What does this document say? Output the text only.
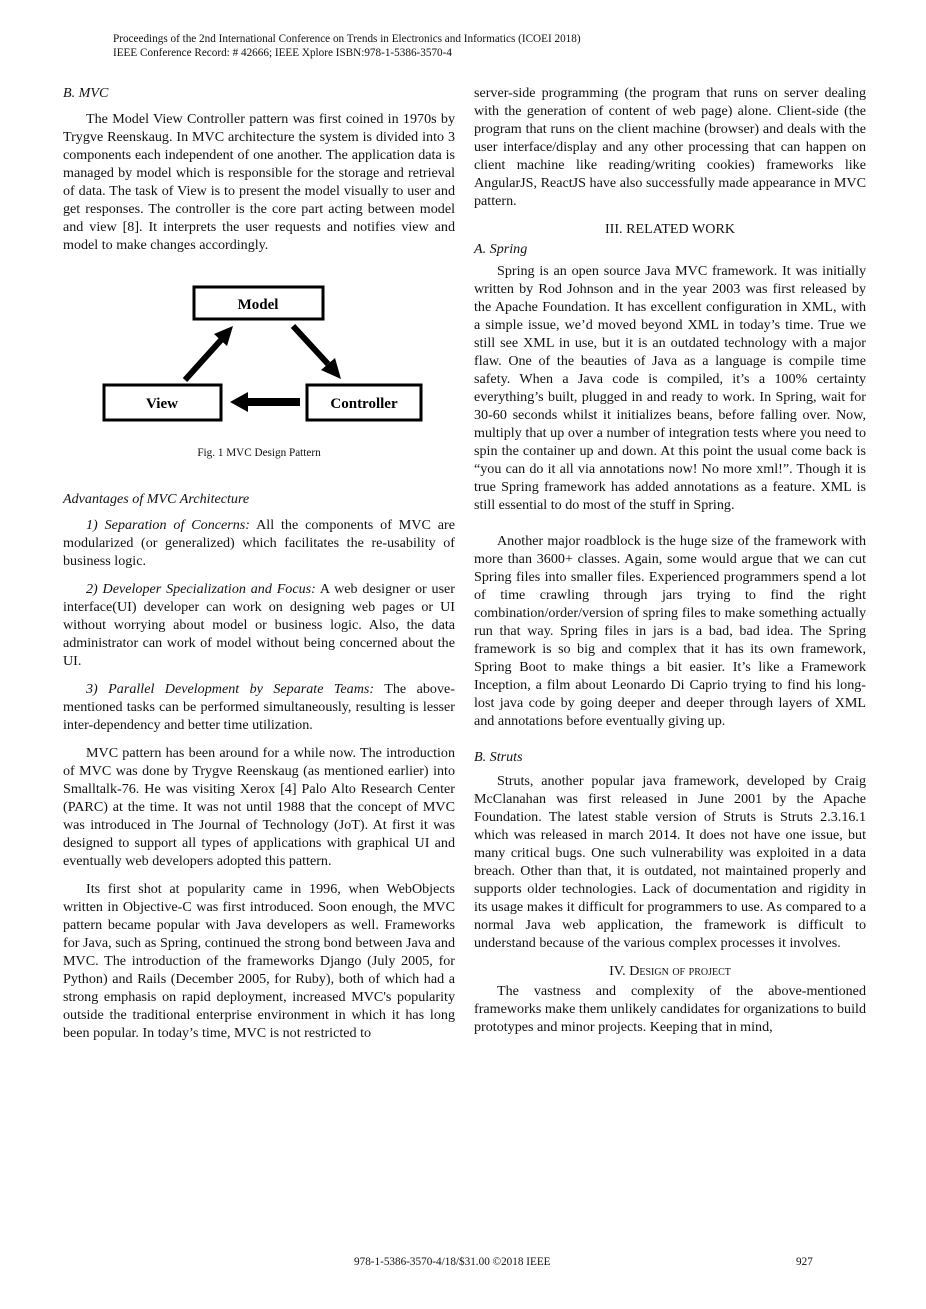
Proceedings of the 2nd International Conference on Trends in Electronics and Informatics (ICOEI 2018)
IEEE Conference Record: # 42666; IEEE Xplore ISBN:978-1-5386-3570-4

B. MVC

The Model View Controller pattern was first coined in 1970s by Trygve Reenskaug. In MVC architecture the system is divided into 3 components each independent of one another. The application data is managed by model which is responsible for the storage and retrieval of data. The task of View is to present the model visually to user and get responses. The controller is the core part acting between model and view [8]. It interprets the user requests and notifies view and model to make changes accordingly.

Model
View	Controller

Fig. 1 MVC Design Pattern

Advantages of MVC Architecture

1) Separation of Concerns: All the components of MVC are modularized (or generalized) which facilitates the re-usability of business logic.

2) Developer Specialization and Focus: A web designer or user interface(UI) developer can work on designing web pages or UI without worrying about model or business logic. Also, the data administrator can work of model without being concerned about the UI.

3) Parallel Development by Separate Teams: The above-mentioned tasks can be performed simultaneously, resulting is lesser inter-dependency and better time utilization.

MVC pattern has been around for a while now. The introduction of MVC was done by Trygve Reenskaug (as mentioned earlier) into Smalltalk-76. He was visiting Xerox [4] Palo Alto Research Center (PARC) at the time. It was not until 1988 that the concept of MVC was introduced in The Journal of Technology (JoT). At first it was designed to support all types of applications with graphical UI and eventually web developers adopted this pattern.

Its first shot at popularity came in 1996, when WebObjects written in Objective-C was first introduced. Soon enough, the MVC pattern became popular with Java developers as well. Frameworks for Java, such as Spring, continued the strong bond between Java and MVC. The introduction of the frameworks Django (July 2005, for Python) and Rails (December 2005, for Ruby), both of which had a strong emphasis on rapid deployment, increased MVC's popularity outside the traditional enterprise environment in which it has long been popular. In today’s time, MVC is not restricted to

server-side programming (the program that runs on server dealing with the generation of content of web page) alone. Client-side (the program that runs on the client machine (browser) and deals with the user interface/display and any other processing that can happen on client machine like reading/writing cookies) frameworks like AngularJS, ReactJS have also successfully made appearance in MVC pattern.

III. RELATED WORK

A. Spring

Spring is an open source Java MVC framework. It was initially written by Rod Johnson and in the year 2003 was first released by the Apache Foundation. It has excellent configuration in XML, with a simple issue, we’d moved beyond XML in today’s time. True we still see XML in use, but it is an outdated technology with a major flaw. One of the beauties of Java as a language is compile time safety. When a Java code is compiled, it’s a 100% certainty everything’s built, plugged in and ready to work. In Spring, wait for 30-60 seconds whilst it initializes beans, before falling over. Now, multiply that up over a number of integration tests where you need to spin the container up and down. At this point the usual come back is “you can do it all via annotations now! No more xml!”. Though it is true Spring framework has added annotations as a feature. XML is still essential to do most of the stuff in Spring.

Another major roadblock is the huge size of the framework with more than 3600+ classes. Again, some would argue that we can cut Spring files into smaller files. Experienced programmers spend a lot of time crawling through jars trying to find the right combination/order/version of spring files to make something actually run that way. Spring files in jars is a bad, bad idea. The Spring framework is so big and complex that it has its own framework, Spring Boot to make things a bit easier. It’s like a Framework Inception, a film about Leonardo Di Caprio trying to find his long-lost java code by going deeper and deeper through layers of XML and annotations before eventually giving up.

B. Struts

Struts, another popular java framework, developed by Craig McClanahan was first released in June 2001 by the Apache Foundation. The latest stable version of Struts is Struts 2.3.16.1 which was released in march 2014. It does not have one issue, but many critical bugs. One such vulnerability was exploited in a data breach. Other than that, it is outdated, not maintained properly and supports older technologies. Lack of documentation and rigidity in its usage makes it difficult for programmers to use. As compared to a normal Java web application, the framework is difficult to understand because of the various complex processes it involves.

IV. Design of project

The vastness and complexity of the above-mentioned frameworks make them unlikely candidates for organizations to build prototypes and minor projects. Keeping that in mind,

978-1-5386-3570-4/18/$31.00 ©2018 IEEE	927
